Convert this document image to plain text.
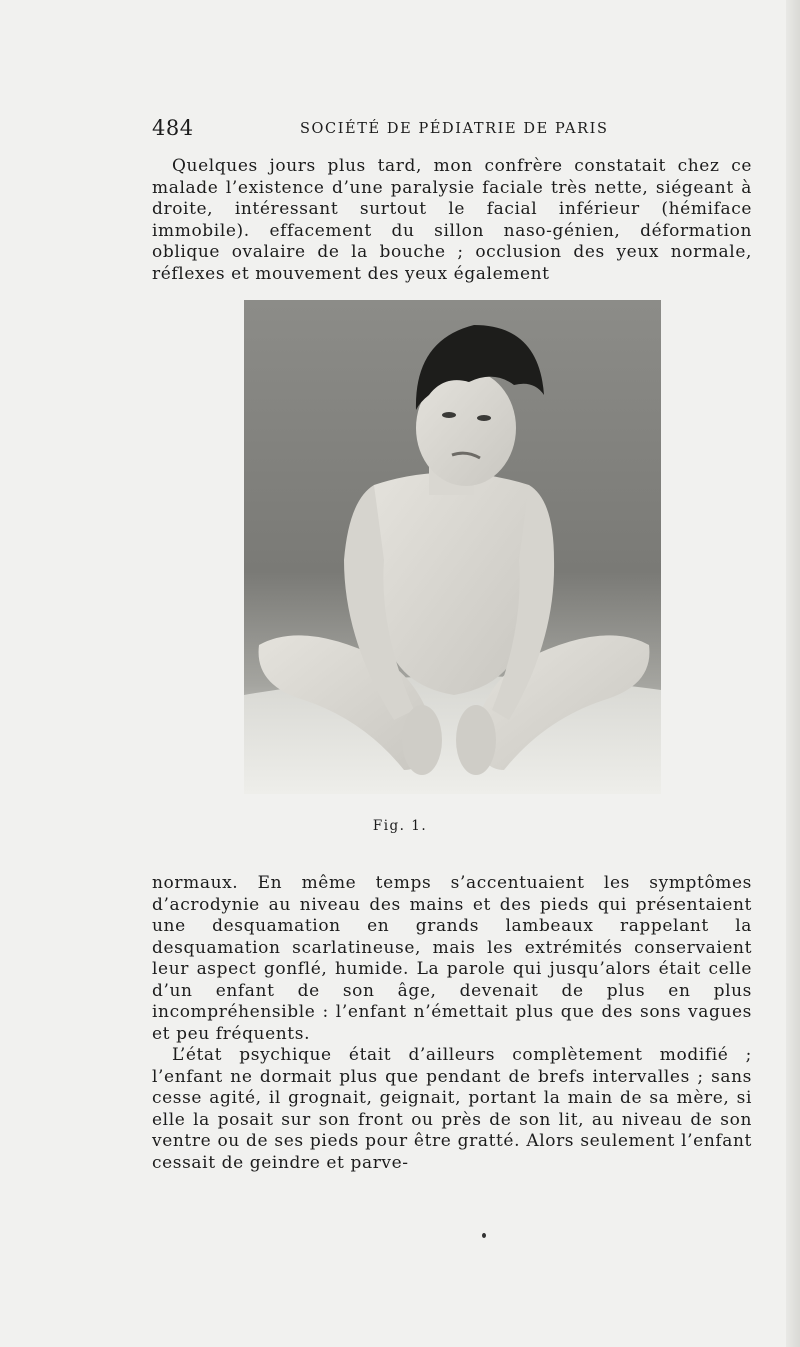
484	SOCIÉTÉ DE PÉDIATRIE DE PARIS

Quelques jours plus tard, mon confrère constatait chez ce malade l’existence d’une paralysie faciale très nette, siégeant à droite, intéressant surtout le facial inférieur (hémiface immobile). effacement du sillon naso-génien, déformation oblique ovalaire de la bouche ; occlusion des yeux normale, réflexes et mouvement des yeux également

Fig. 1.

normaux. En même temps s’accentuaient les symptômes d’acrodynie au niveau des mains et des pieds qui présentaient une desquamation en grands lambeaux rappelant la desquamation scarlatineuse, mais les extrémités conservaient leur aspect gonflé, humide. La parole qui jusqu’alors était celle d’un enfant de son âge, devenait de plus en plus incompréhensible : l’enfant n’émettait plus que des sons vagues et peu fréquents.

L’état psychique était d’ailleurs complètement modifié ; l’enfant ne dormait plus que pendant de brefs intervalles ; sans cesse agité, il grognait, geignait, portant la main de sa mère, si elle la posait sur son front ou près de son lit, au niveau de son ventre ou de ses pieds pour être gratté. Alors seulement l’enfant cessait de geindre et parve-
